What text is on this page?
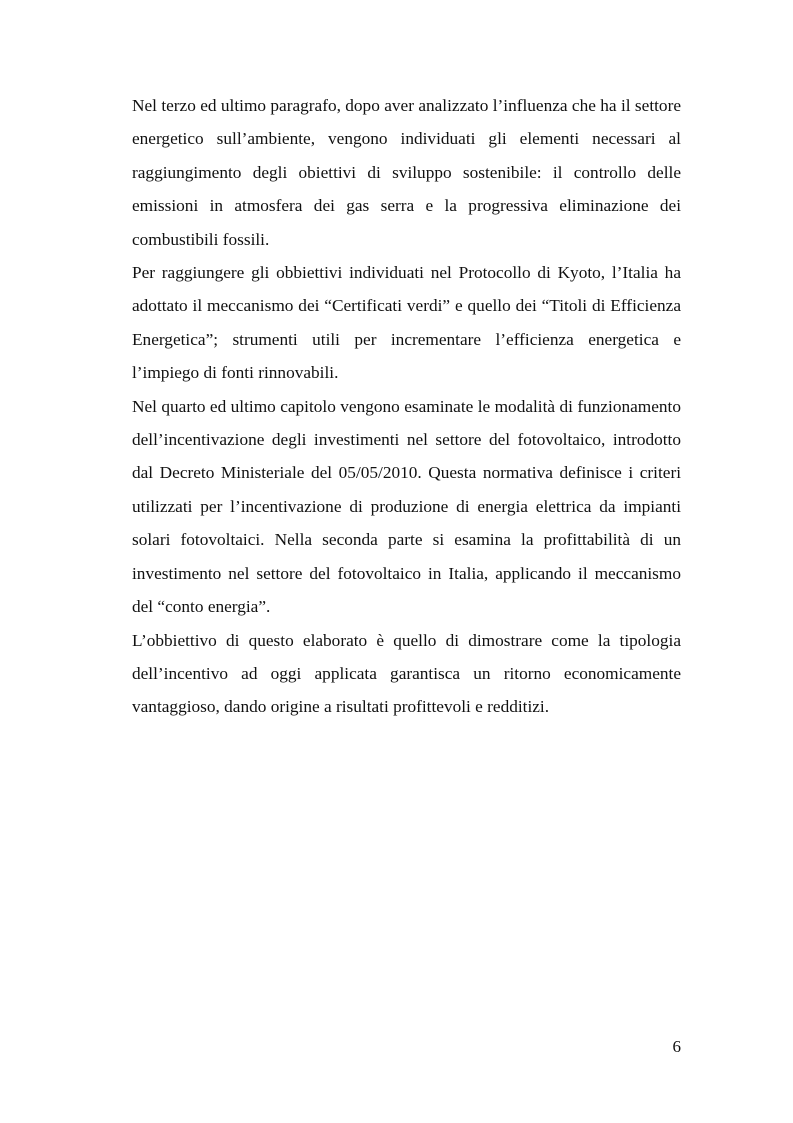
Nel terzo ed ultimo paragrafo, dopo aver analizzato l’influenza che ha il settore energetico sull’ambiente, vengono individuati gli elementi necessari al raggiungimento degli obiettivi di sviluppo sostenibile: il controllo delle emissioni in atmosfera dei gas serra e la progressiva eliminazione dei combustibili fossili.

Per raggiungere gli obbiettivi individuati nel Protocollo di Kyoto, l’Italia ha adottato il meccanismo dei “Certificati verdi” e quello dei “Titoli di Efficienza Energetica”; strumenti utili per incrementare l’efficienza energetica e l’impiego di fonti rinnovabili.

Nel quarto ed ultimo capitolo vengono esaminate le modalità di funzionamento dell’incentivazione degli investimenti nel settore del fotovoltaico, introdotto dal Decreto Ministeriale del 05/05/2010. Questa normativa definisce i criteri utilizzati per l’incentivazione di produzione di energia elettrica da impianti solari fotovoltaici. Nella seconda parte si esamina la profittabilità di un investimento nel settore del fotovoltaico in Italia, applicando il meccanismo del “conto energia”.

L’obbiettivo di questo elaborato è quello di dimostrare come la tipologia dell’incentivo ad oggi applicata garantisca un ritorno economicamente vantaggioso, dando origine a risultati profittevoli e redditizi.

6
